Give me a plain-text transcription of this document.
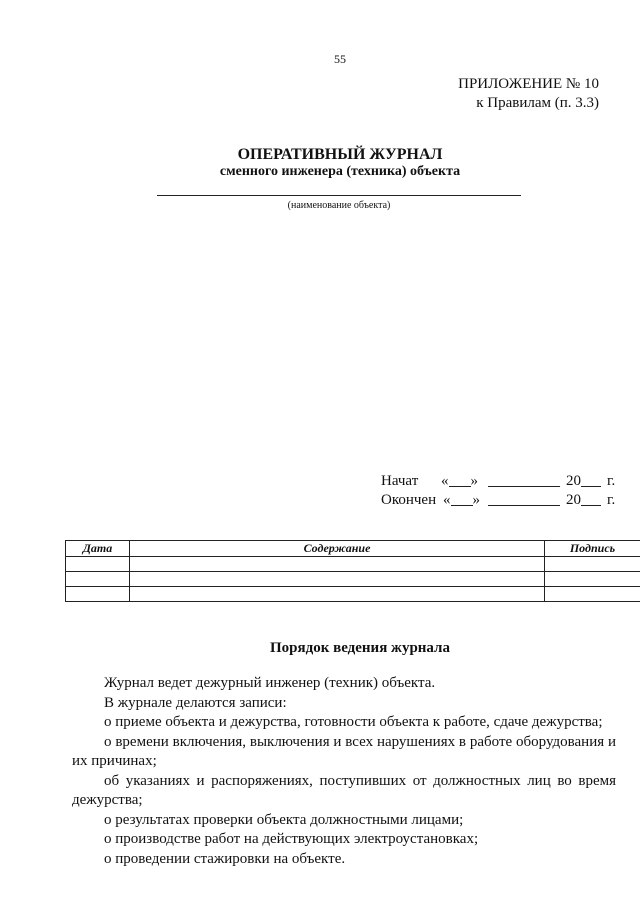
55
ПРИЛОЖЕНИЕ № 10
к Правилам (п. 3.3)
ОПЕРАТИВНЫЙ ЖУРНАЛ
сменного инженера (техника) объекта
(наименование объекта)
Начат	« »

	20
г.
Окончен « »

	20
г.
Дата	Содержание	Подпись

Порядок ведения журнала

Журнал ведет дежурный инженер (техник) объекта.

В журнале делаются записи:

о приеме объекта и дежурства, готовности объекта к работе, сдаче дежурства;

о времени включения, выключения и всех нарушениях в работе оборудования и их причинах;

об указаниях и распоряжениях, поступивших от должностных лиц во время дежурства;

о результатах проверки объекта должностными лицами;

о производстве работ на действующих электроустановках;

о проведении стажировки на объекте.
